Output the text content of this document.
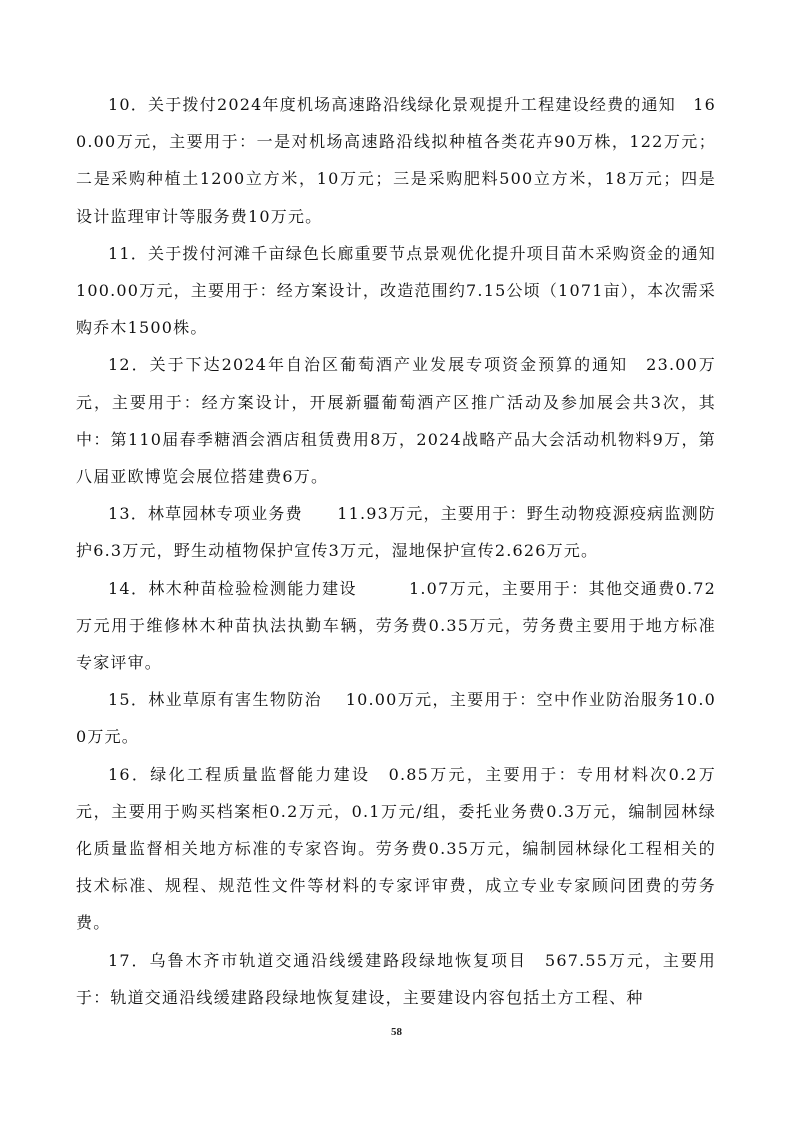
10．关于拨付2024年度机场高速路沿线绿化景观提升工程建设经费的通知　160.00万元，主要用于：一是对机场高速路沿线拟种植各类花卉90万株，122万元；二是采购种植土1200立方米，10万元；三是采购肥料500立方米，18万元；四是设计监理审计等服务费10万元。

11．关于拨付河滩千亩绿色长廊重要节点景观优化提升项目苗木采购资金的通知　 100.00万元，主要用于：经方案设计，改造范围约7.15公顷（1071亩），本次需采购乔木1500株。

12．关于下达2024年自治区葡萄酒产业发展专项资金预算的通知　23.00万元，主要用于：经方案设计，开展新疆葡萄酒产区推广活动及参加展会共3次，其中：第110届春季糖酒会酒店租赁费用8万，2024战略产品大会活动机物料9万，第八届亚欧博览会展位搭建费6万。

13．林草园林专项业务费　　11.93万元，主要用于：野生动物疫源疫病监测防护6.3万元，野生动植物保护宣传3万元，湿地保护宣传2.626万元。

14．林木种苗检验检测能力建设　　　1.07万元，主要用于：其他交通费0.72万元用于维修林木种苗执法执勤车辆，劳务费0.35万元，劳务费主要用于地方标准专家评审。

15．林业草原有害生物防治　 10.00万元，主要用于：空中作业防治服务10.00万元。

16．绿化工程质量监督能力建设　0.85万元，主要用于：专用材料次0.2万元，主要用于购买档案柜0.2万元，0.1万元/组，委托业务费0.3万元，编制园林绿化质量监督相关地方标准的专家咨询。劳务费0.35万元，编制园林绿化工程相关的技术标准、规程、规范性文件等材料的专家评审费，成立专业专家顾问团费的劳务费。

17．乌鲁木齐市轨道交通沿线缓建路段绿地恢复项目　567.55万元，主要用于：轨道交通沿线缓建路段绿地恢复建设，主要建设内容包括土方工程、种

58
